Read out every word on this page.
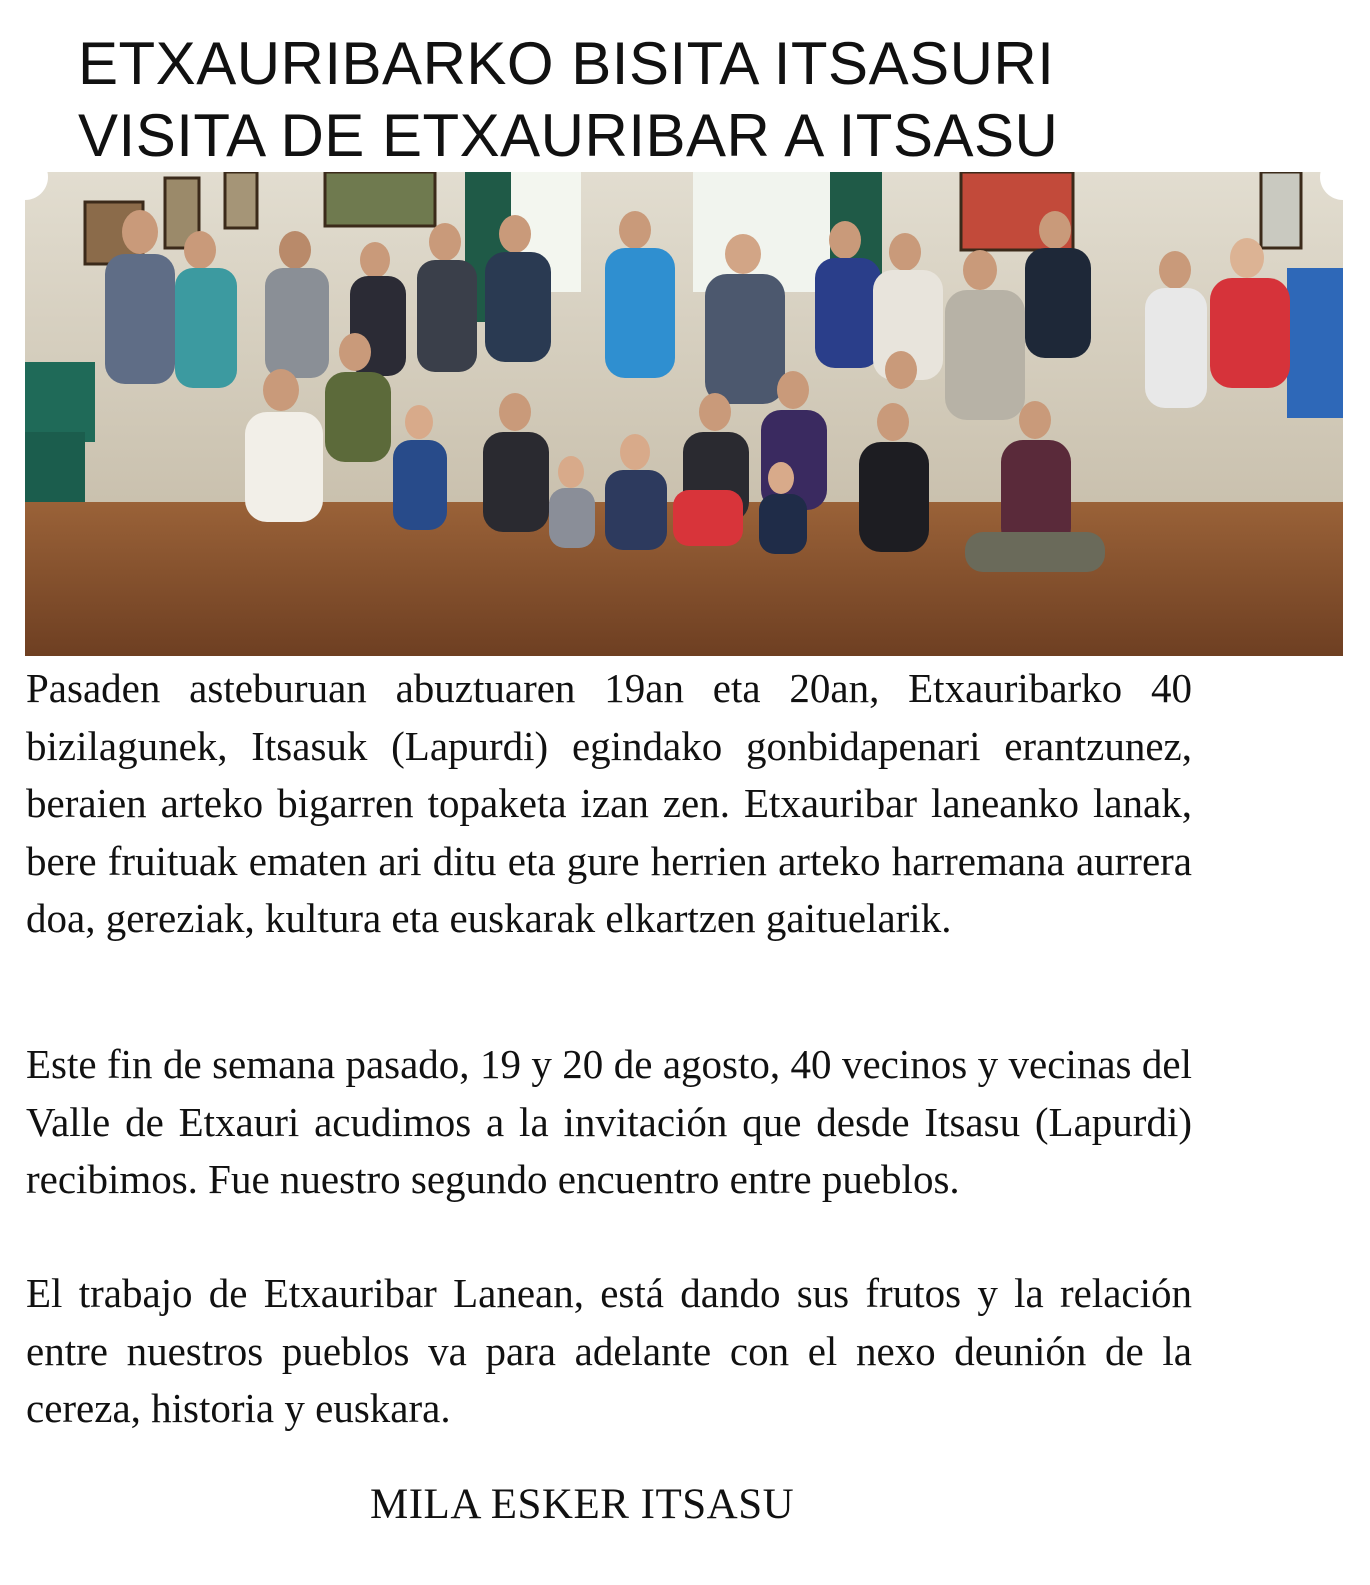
ETXAURIBARKO BISITA ITSASURI
VISITA DE ETXAURIBAR A ITSASU

Pasaden asteburuan abuztuaren 19an eta 20an, Etxauribarko 40 bizilagunek, Itsasuk (Lapurdi) egindako gonbidapenari erantzunez, beraien arteko bigarren topaketa izan zen. Etxauribar laneanko lanak, bere fruituak ematen ari ditu eta gure herrien arteko harremana aurrera doa, gereziak, kultura eta euskarak elkartzen gaituelarik.

Este fin de semana pasado, 19 y 20 de agosto, 40 vecinos y vecinas del Valle de Etxauri acudimos a la invitación que desde Itsasu (Lapurdi) recibimos. Fue nuestro segundo encuentro entre pueblos.

El trabajo de Etxauribar Lanean, está dando sus frutos y la relación entre nuestros pueblos va para adelante con el nexo deunión de la cereza, historia y euskara.

MILA ESKER ITSASU
